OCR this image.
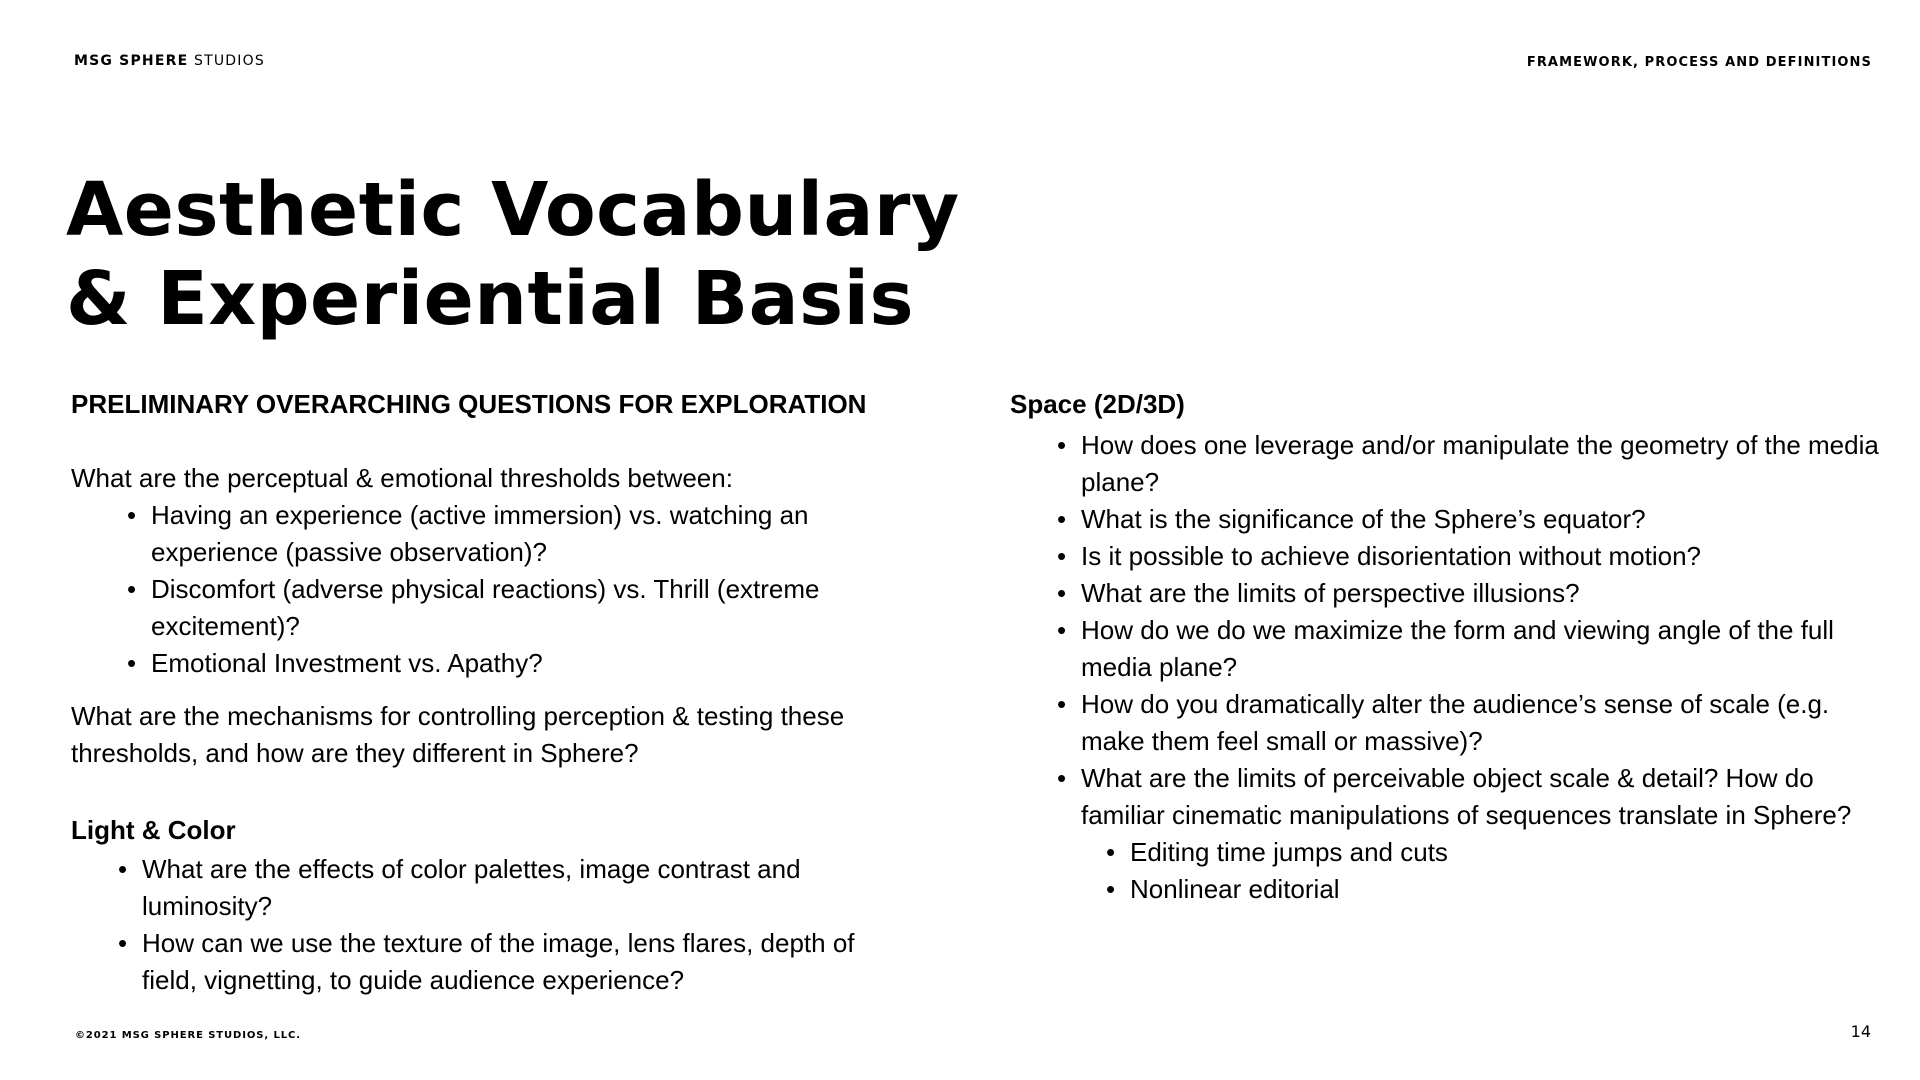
MSG SPHERE STUDIOS	FRAMEWORK, PROCESS AND DEFINITIONS
Aesthetic Vocabulary
& Experiential Basis
PRELIMINARY OVERARCHING QUESTIONS FOR EXPLORATION

What are the perceptual & emotional thresholds between:

• Having an experience (active immersion) vs. watching an experience (passive observation)?
• Discomfort (adverse physical reactions) vs. Thrill (extreme excitement)?
• Emotional Investment vs. Apathy?

What are the mechanisms for controlling perception & testing these thresholds, and how are they different in Sphere?

Light & Color
• What are the effects of color palettes, image contrast and luminosity?
• How can we use the texture of the image, lens flares, depth of field, vignetting, to guide audience experience?
Space (2D/3D)
• How does one leverage and/or manipulate the geometry of the media plane?
• What is the significance of the Sphere’s equator?
• Is it possible to achieve disorientation without motion?
• What are the limits of perspective illusions?
• How do we do we maximize the form and viewing angle of the full media plane?
• How do you dramatically alter the audience’s sense of scale (e.g. make them feel small or massive)?
• What are the limits of perceivable object scale & detail? How do familiar cinematic manipulations of sequences translate in Sphere?
• Editing time jumps and cuts
• Nonlinear editorial
©2021 MSG SPHERE STUDIOS, LLC.	14
